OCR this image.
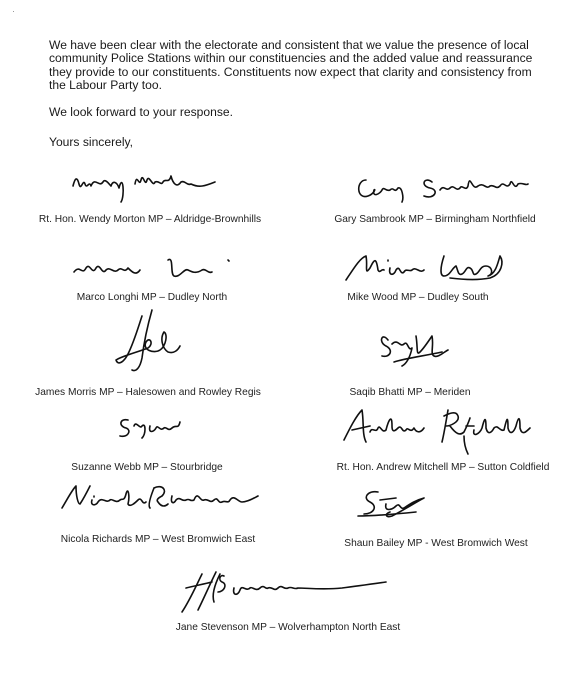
We have been clear with the electorate and consistent that we value the presence of local community Police Stations within our constituencies and the added value and reassurance they provide to our constituents. Constituents now expect that clarity and consistency from the Labour Party too.

We look forward to your response.

Yours sincerely,

Rt. Hon. Wendy Morton MP – Aldridge-Brownhills	Gary Sambrook MP – Birmingham Northfield
Marco Longhi MP – Dudley North	Mike Wood MP – Dudley South
James Morris MP – Halesowen and Rowley Regis	Saqib Bhatti MP – Meriden
Suzanne Webb MP – Stourbridge	Rt. Hon. Andrew Mitchell MP – Sutton Coldfield
Nicola Richards MP – West Bromwich East	Shaun Bailey MP - West Bromwich West
Jane Stevenson MP – Wolverhampton North East
